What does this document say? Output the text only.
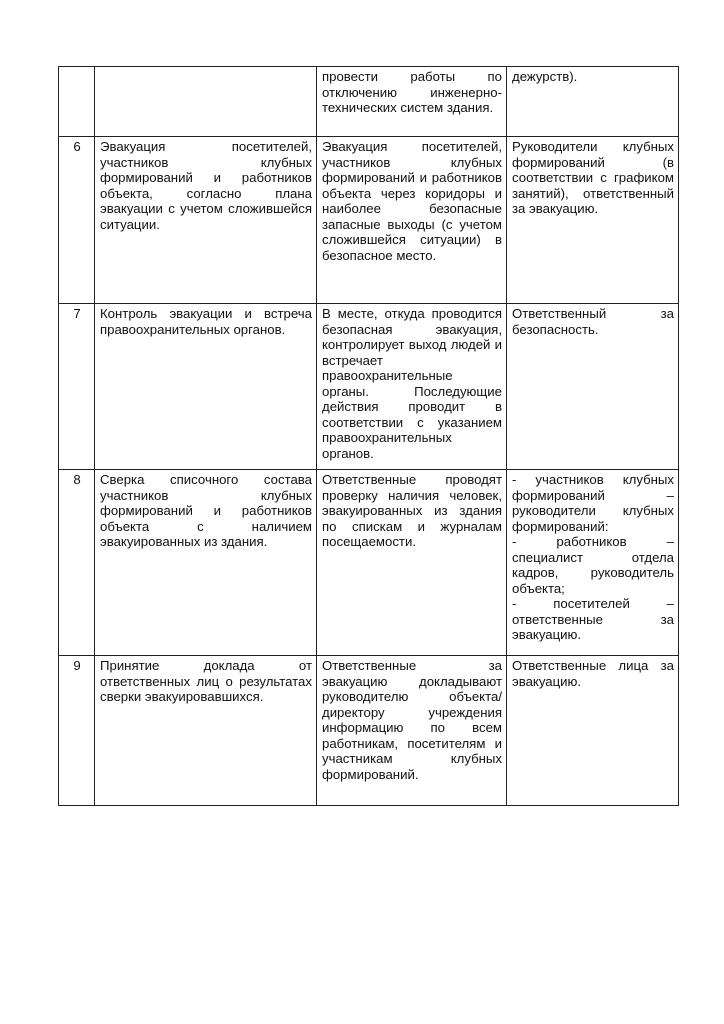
		провести работы по отключению инженерно-технических систем здания.	дежурств).
6	Эвакуация посетителей, участников клубных формирований и работников объекта, согласно плана эвакуации с учетом сложившейся ситуации.	Эвакуация посетителей, участников клубных формирований и работников объекта через коридоры и наиболее безопасные запасные выходы (с учетом сложившейся ситуации) в безопасное место.	Руководители клубных формирований (в соответствии с графиком занятий), ответственный за эвакуацию.
7	Контроль эвакуации и встреча правоохранительных органов.	В месте, откуда проводится безопасная эвакуация, контролирует выход людей и встречает правоохранительные органы. Последующие действия проводит в соответствии с указанием правоохранительных органов.	Ответственный за безопасность.
8	Сверка списочного состава участников клубных формирований и работников объекта с наличием эвакуированных из здания.	Ответственные проводят проверку наличия человек, эвакуированных из здания по спискам и журналам посещаемости.	- участников клубных формирований – руководители клубных формирований:
- работников – специалист отдела кадров, руководитель объекта;
- посетителей – ответственные за эвакуацию.

9	Принятие доклада от ответственных лиц о результатах сверки эвакуировавшихся.	Ответственные за эвакуацию докладывают руководителю объекта/директору учреждения информацию по всем работникам, посетителям и участникам клубных формирований.	Ответственные лица за эвакуацию.
